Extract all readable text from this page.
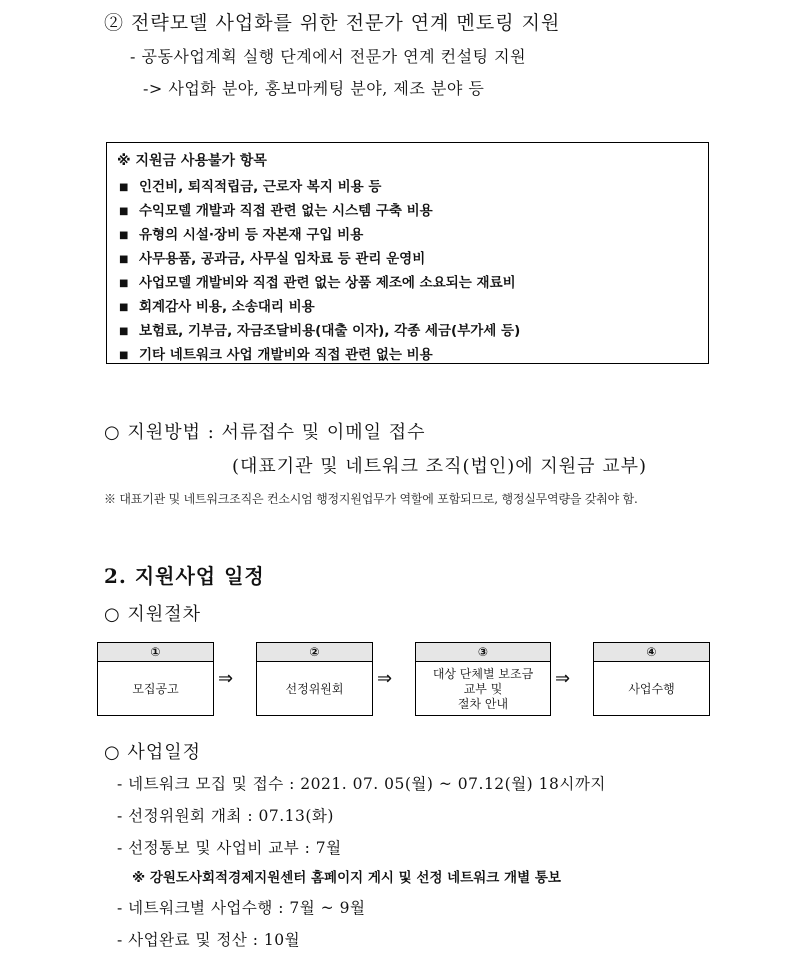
② 전략모델 사업화를 위한 전문가 연계 멘토링 지원
- 공동사업계획 실행 단계에서 전문가 연계 컨설팅 지원
-> 사업화 분야, 홍보마케팅 분야, 제조 분야 등
※ 지원금 사용불가 항목
■ 인건비, 퇴직적립금, 근로자 복지 비용 등
■ 수익모델 개발과 직접 관련 없는 시스템 구축 비용
■ 유형의 시설·장비 등 자본재 구입 비용
■ 사무용품, 공과금, 사무실 임차료 등 관리 운영비
■ 사업모델 개발비와 직접 관련 없는 상품 제조에 소요되는 재료비
■ 회계감사 비용, 소송대리 비용
■ 보험료, 기부금, 자금조달비용(대출 이자), 각종 세금(부가세 등)
■ 기타 네트워크 사업 개발비와 직접 관련 없는 비용
○ 지원방법 : 서류접수 및 이메일 접수
(대표기관 및 네트워크 조직(법인)에 지원금 교부)
※ 대표기관 및 네트워크조직은 컨소시엄 행정지원업무가 역할에 포함되므로, 행정실무역량을 갖춰야 함.
2. 지원사업 일정
○ 지원절차
①
모집공고	⇒
②
선정위원회	⇒
③
대상 단체별 보조금
교부 및
절차 안내
⇒
④
사업수행
○ 사업일정
- 네트워크 모집 및 접수 : 2021. 07. 05(월) ~ 07.12(월) 18시까지
- 선정위원회 개최 : 07.13(화)
- 선정통보 및 사업비 교부 : 7월
※ 강원도사회적경제지원센터 홈페이지 게시 및 선정 네트워크 개별 통보
- 네트워크별 사업수행 : 7월 ~ 9월
- 사업완료 및 정산 : 10월
